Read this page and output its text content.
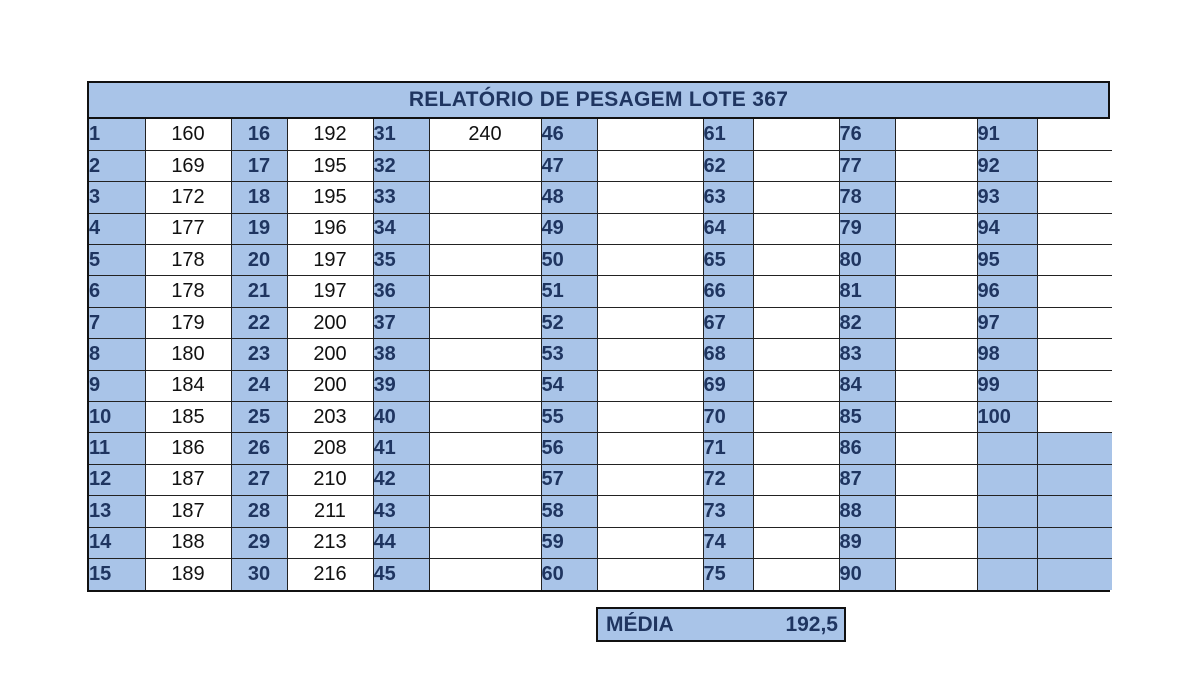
RELATÓRIO DE PESAGEM LOTE 367
1	160	16	192	31	240	46		61		76		91	
2	169	17	195	32		47		62		77		92	
3	172	18	195	33		48		63		78		93	
4	177	19	196	34		49		64		79		94	
5	178	20	197	35		50		65		80		95	
6	178	21	197	36		51		66		81		96	
7	179	22	200	37		52		67		82		97	
8	180	23	200	38		53		68		83		98	
9	184	24	200	39		54		69		84		99	
10	185	25	203	40		55		70		85		100	
11	186	26	208	41		56		71		86			
12	187	27	210	42		57		72		87			
13	187	28	211	43		58		73		88			
14	188	29	213	44		59		74		89			
15	189	30	216	45		60		75		90			
MÉDIA	192,5
